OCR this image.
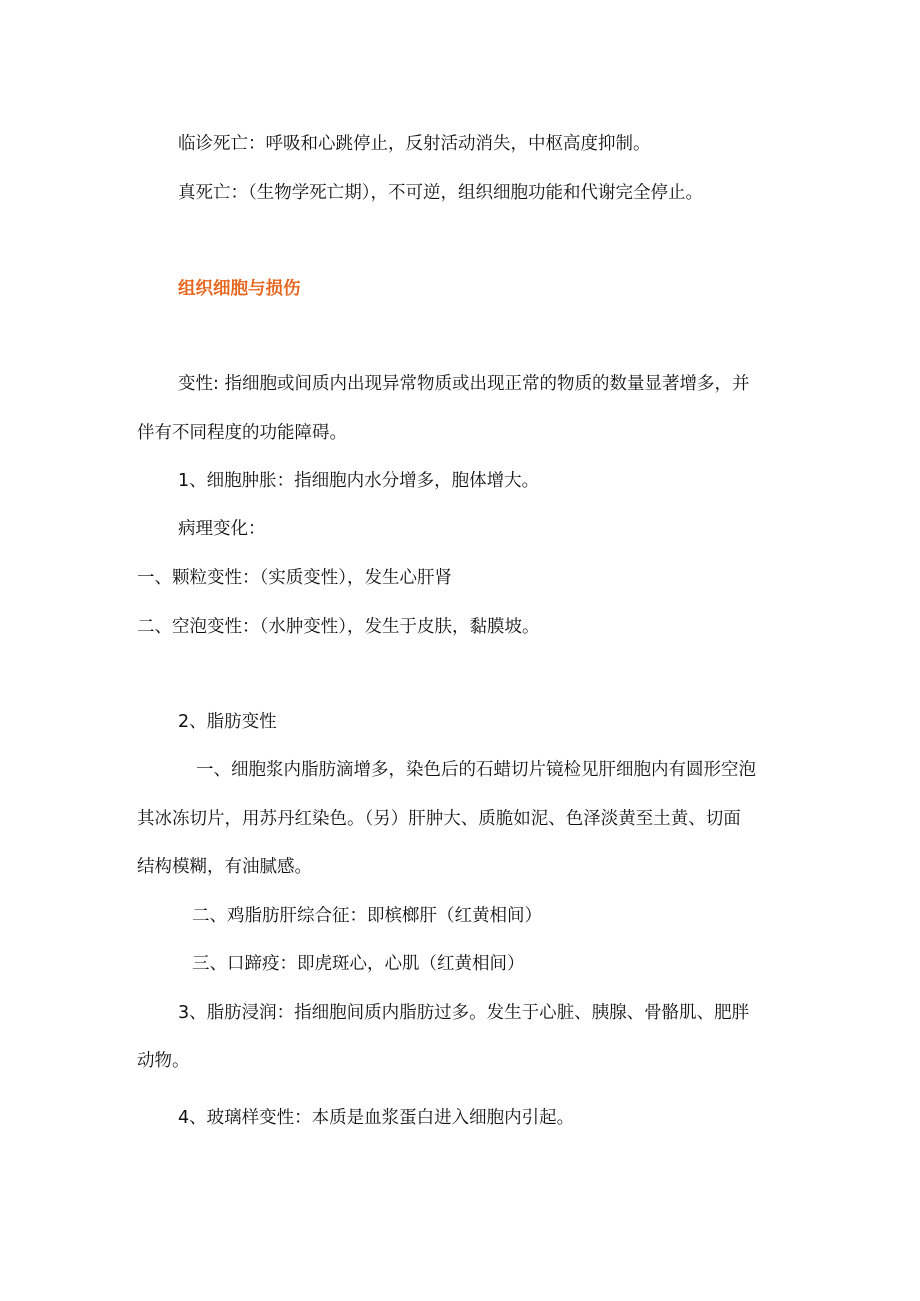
临诊死亡：呼吸和心跳停止，反射活动消失，中枢高度抑制。

真死亡：（生物学死亡期），不可逆，组织细胞功能和代谢完全停止。

组织细胞与损伤

变性: 指细胞或间质内出现异常物质或出现正常的物质的数量显著增多，并

伴有不同程度的功能障碍。

1、细胞肿胀：指细胞内水分增多，胞体增大。

病理变化：

一、颗粒变性：（实质变性），发生心肝肾

二、空泡变性：（水肿变性），发生于皮肤，黏膜坡。

2、脂肪变性

一、细胞浆内脂肪滴增多，染色后的石蜡切片镜检见肝细胞内有圆形空泡

其冰冻切片，用苏丹红染色。（另）肝肿大、质脆如泥、色泽淡黄至土黄、切面

结构模糊，有油腻感。

二、鸡脂肪肝综合征：即槟榔肝（红黄相间）

三、口蹄疫：即虎斑心，心肌（红黄相间）

3、脂肪浸润：指细胞间质内脂肪过多。发生于心脏、胰腺、骨骼肌、肥胖

动物。

4、玻璃样变性：本质是血浆蛋白进入细胞内引起。
